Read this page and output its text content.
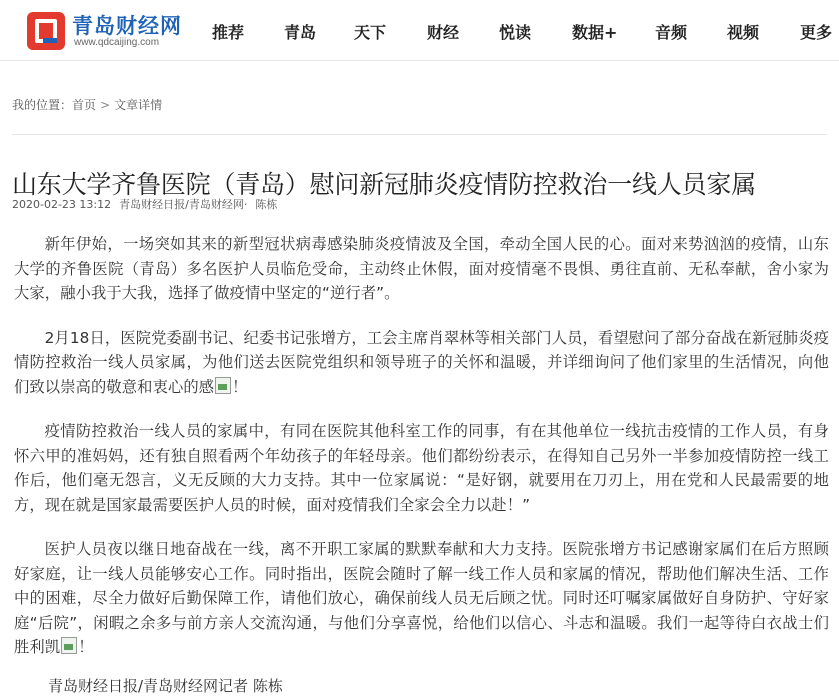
青岛财经网
www.qdcaijing.com
推荐 青岛 天下	财经 悦读	数据+ 音频 视频	更多
我的位置：首页 > 文章详情
山东大学齐鲁医院（青岛）慰问新冠肺炎疫情防控救治一线人员家属
2020-02-23 13:12 青岛财经日报/青岛财经网· 陈栋

新年伊始，一场突如其来的新型冠状病毒感染肺炎疫情波及全国，牵动全国人民的心。面对来势汹汹的疫情，山东大学的齐鲁医院（青岛）多名医护人员临危受命，主动终止休假，面对疫情毫不畏惧、勇往直前、无私奉献，舍小家为大家，融小我于大我，选择了做疫情中坚定的“逆行者”。

2月18日，医院党委副书记、纪委书记张增方，工会主席肖翠林等相关部门人员，看望慰问了部分奋战在新冠肺炎疫情防控救治一线人员家属，为他们送去医院党组织和领导班子的关怀和温暖，并详细询问了他们家里的生活情况，向他们致以崇高的敬意和衷心的感 ！

疫情防控救治一线人员的家属中，有同在医院其他科室工作的同事，有在其他单位一线抗击疫情的工作人员，有身怀六甲的准妈妈，还有独自照看两个年幼孩子的年轻母亲。他们都纷纷表示，在得知自己另外一半参加疫情防控一线工作后，他们毫无怨言，义无反顾的大力支持。其中一位家属说：“是好钢，就要用在刀刃上，用在党和人民最需要的地方，现在就是国家最需要医护人员的时候，面对疫情我们全家会全力以赴！”

医护人员夜以继日地奋战在一线，离不开职工家属的默默奉献和大力支持。医院张增方书记感谢家属们在后方照顾好家庭，让一线人员能够安心工作。同时指出，医院会随时了解一线工作人员和家属的情况，帮助他们解决生活、工作中的困难，尽全力做好后勤保障工作，请他们放心，确保前线人员无后顾之忧。同时还叮嘱家属做好自身防护、守好家庭“后院”，闲暇之余多与前方亲人交流沟通，与他们分享喜悦，给他们以信心、斗志和温暖。我们一起等待白衣战士们胜利凯 ！

青岛财经日报/青岛财经网记者 陈栋
